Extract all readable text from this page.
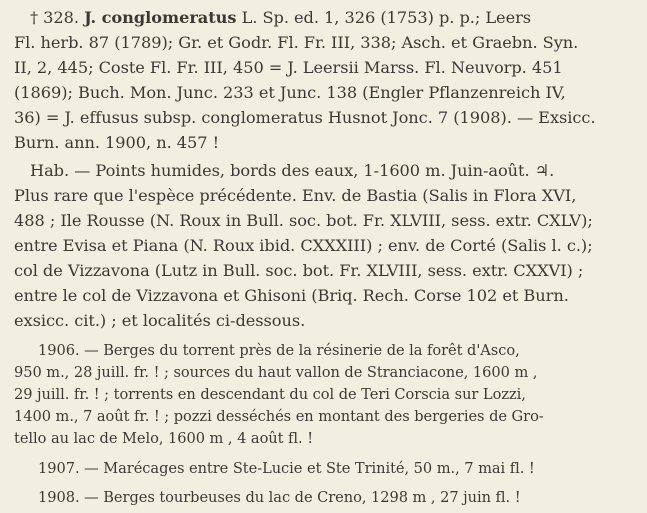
† 328. J. conglomeratus L. Sp. ed. 1, 326 (1753) p. p.; Leers
Fl. herb. 87 (1789); Gr. et Godr. Fl. Fr. III, 338; Asch. et Graebn. Syn.
II, 2, 445; Coste Fl. Fr. III, 450 = J. Leersii Marss. Fl. Neuvorp. 451
(1869); Buch. Mon. Junc. 233 et Junc. 138 (Engler Pflanzenreich IV,
36) = J. effusus subsp. conglomeratus Husnot Jonc. 7 (1908). — Exsicc.
Burn. ann. 1900, n. 457 !
Hab. — Points humides, bords des eaux, 1-1600 m. Juin-août. ♃.
Plus rare que l'espèce précédente. Env. de Bastia (Salis in Flora XVI,
488 ; Ile Rousse (N. Roux in Bull. soc. bot. Fr. XLVIII, sess. extr. CXLV);
entre Evisa et Piana (N. Roux ibid. CXXXIII) ; env. de Corté (Salis l. c.);
col de Vizzavona (Lutz in Bull. soc. bot. Fr. XLVIII, sess. extr. CXXVI) ;
entre le col de Vizzavona et Ghisoni (Briq. Rech. Corse 102 et Burn.
exsicc. cit.) ; et localités ci-dessous.
1906. — Berges du torrent près de la résinerie de la forêt d'Asco,
950 m., 28 juill. fr. ! ; sources du haut vallon de Stranciacone, 1600 m ,
29 juill. fr. ! ; torrents en descendant du col de Teri Corscia sur Lozzi,
1400 m., 7 août fr. ! ; pozzi desséchés en montant des bergeries de Gro-
tello au lac de Melo, 1600 m , 4 août fl. !
1907. — Marécages entre Ste-Lucie et Ste Trinité, 50 m., 7 mai fl. !
1908. — Berges tourbeuses du lac de Creno, 1298 m , 27 juin fl. !
